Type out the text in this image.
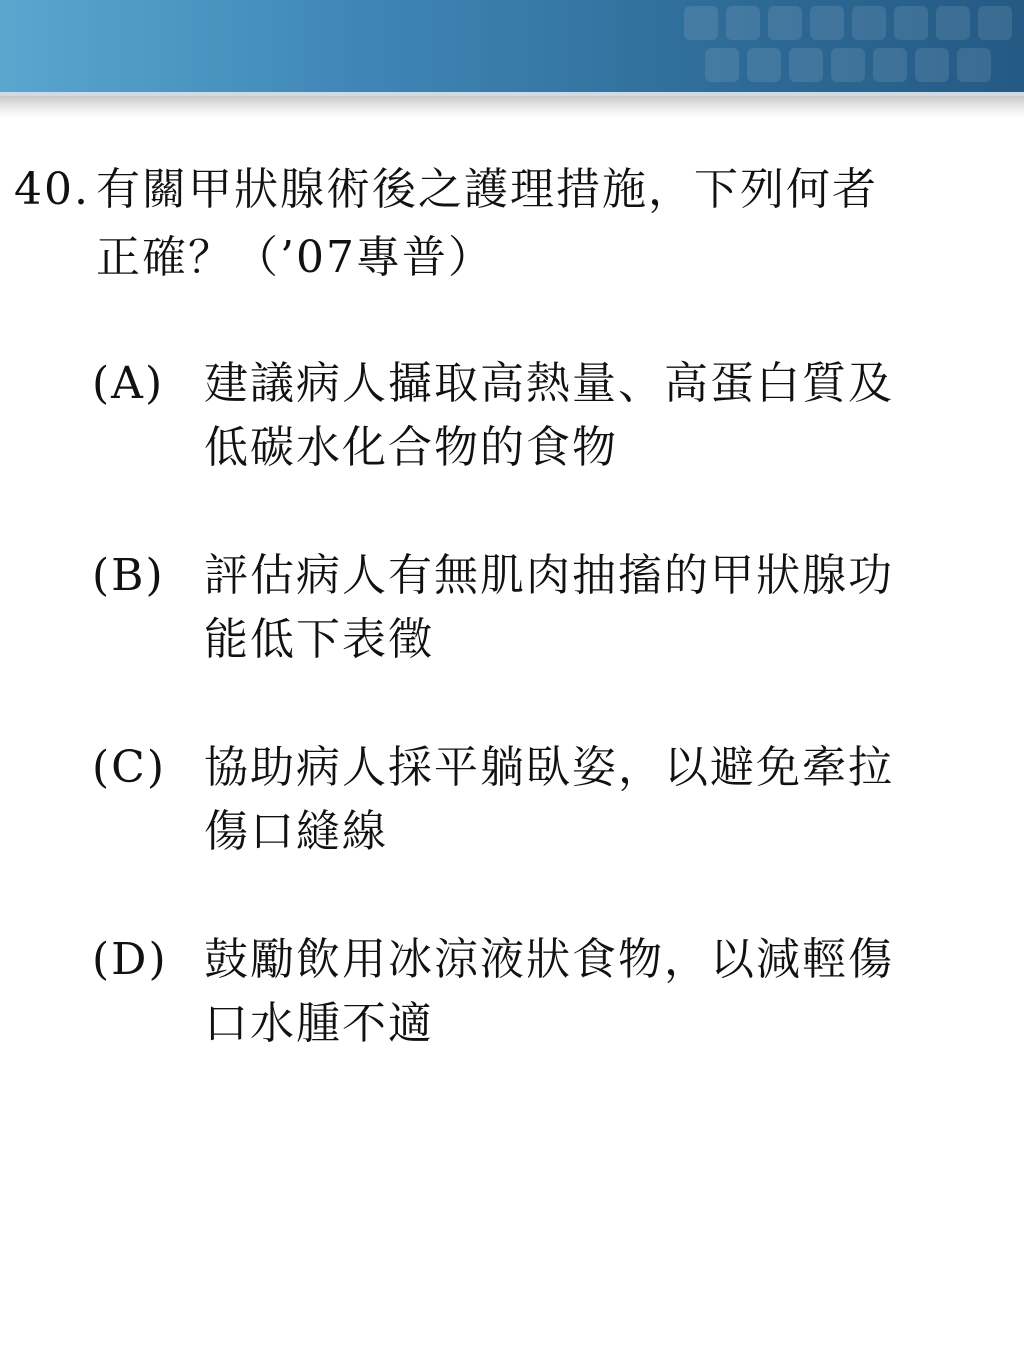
40. 有關甲狀腺術後之護理措施，下列何者
正確？（’07專普）
(A) 建議病人攝取高熱量、高蛋白質及
低碳水化合物的食物
(B) 評估病人有無肌肉抽搐的甲狀腺功
能低下表徵
(C) 協助病人採平躺臥姿，以避免牽拉
傷口縫線
(D) 鼓勵飲用冰涼液狀食物，以減輕傷
口水腫不適
